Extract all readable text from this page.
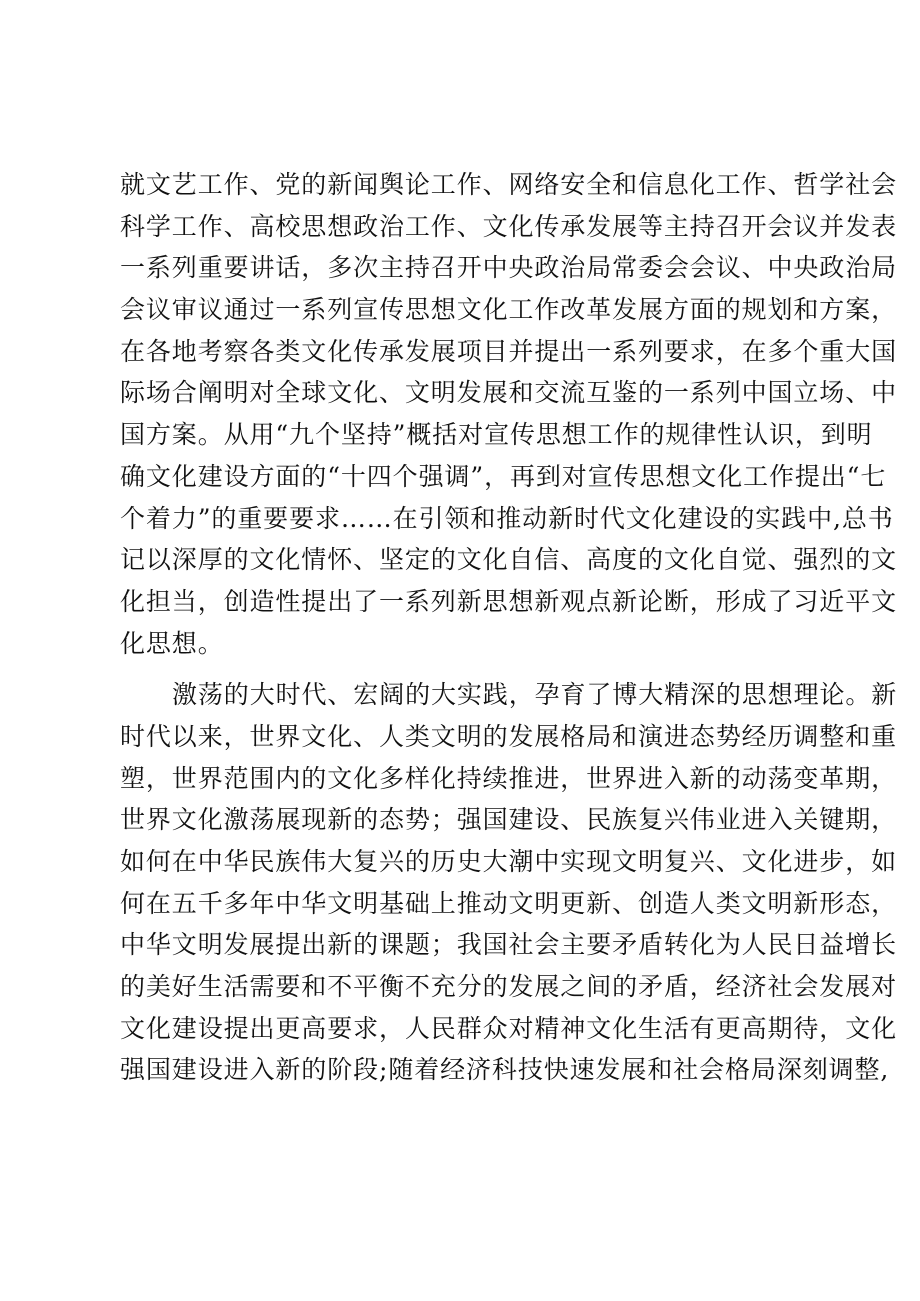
就文艺工作、党的新闻舆论工作、网络安全和信息化工作、哲学社会
科学工作、高校思想政治工作、文化传承发展等主持召开会议并发表
一系列重要讲话，多次主持召开中央政治局常委会会议、中央政治局
会议审议通过一系列宣传思想文化工作改革发展方面的规划和方案，
在各地考察各类文化传承发展项目并提出一系列要求，在多个重大国
际场合阐明对全球文化、文明发展和交流互鉴的一系列中国立场、中
国方案。从用“九个坚持”概括对宣传思想工作的规律性认识，到明
确文化建设方面的“十四个强调”，再到对宣传思想文化工作提出“七
个着力”的重要要求……在引领和推动新时代文化建设的实践中,总书
记以深厚的文化情怀、坚定的文化自信、高度的文化自觉、强烈的文
化担当，创造性提出了一系列新思想新观点新论断，形成了习近平文
化思想。
激荡的大时代、宏阔的大实践，孕育了博大精深的思想理论。新
时代以来，世界文化、人类文明的发展格局和演进态势经历调整和重
塑，世界范围内的文化多样化持续推进，世界进入新的动荡变革期，
世界文化激荡展现新的态势；强国建设、民族复兴伟业进入关键期，
如何在中华民族伟大复兴的历史大潮中实现文明复兴、文化进步，如
何在五千多年中华文明基础上推动文明更新、创造人类文明新形态，
中华文明发展提出新的课题；我国社会主要矛盾转化为人民日益增长
的美好生活需要和不平衡不充分的发展之间的矛盾，经济社会发展对
文化建设提出更高要求，人民群众对精神文化生活有更高期待，文化
强国建设进入新的阶段;随着经济科技快速发展和社会格局深刻调整,
